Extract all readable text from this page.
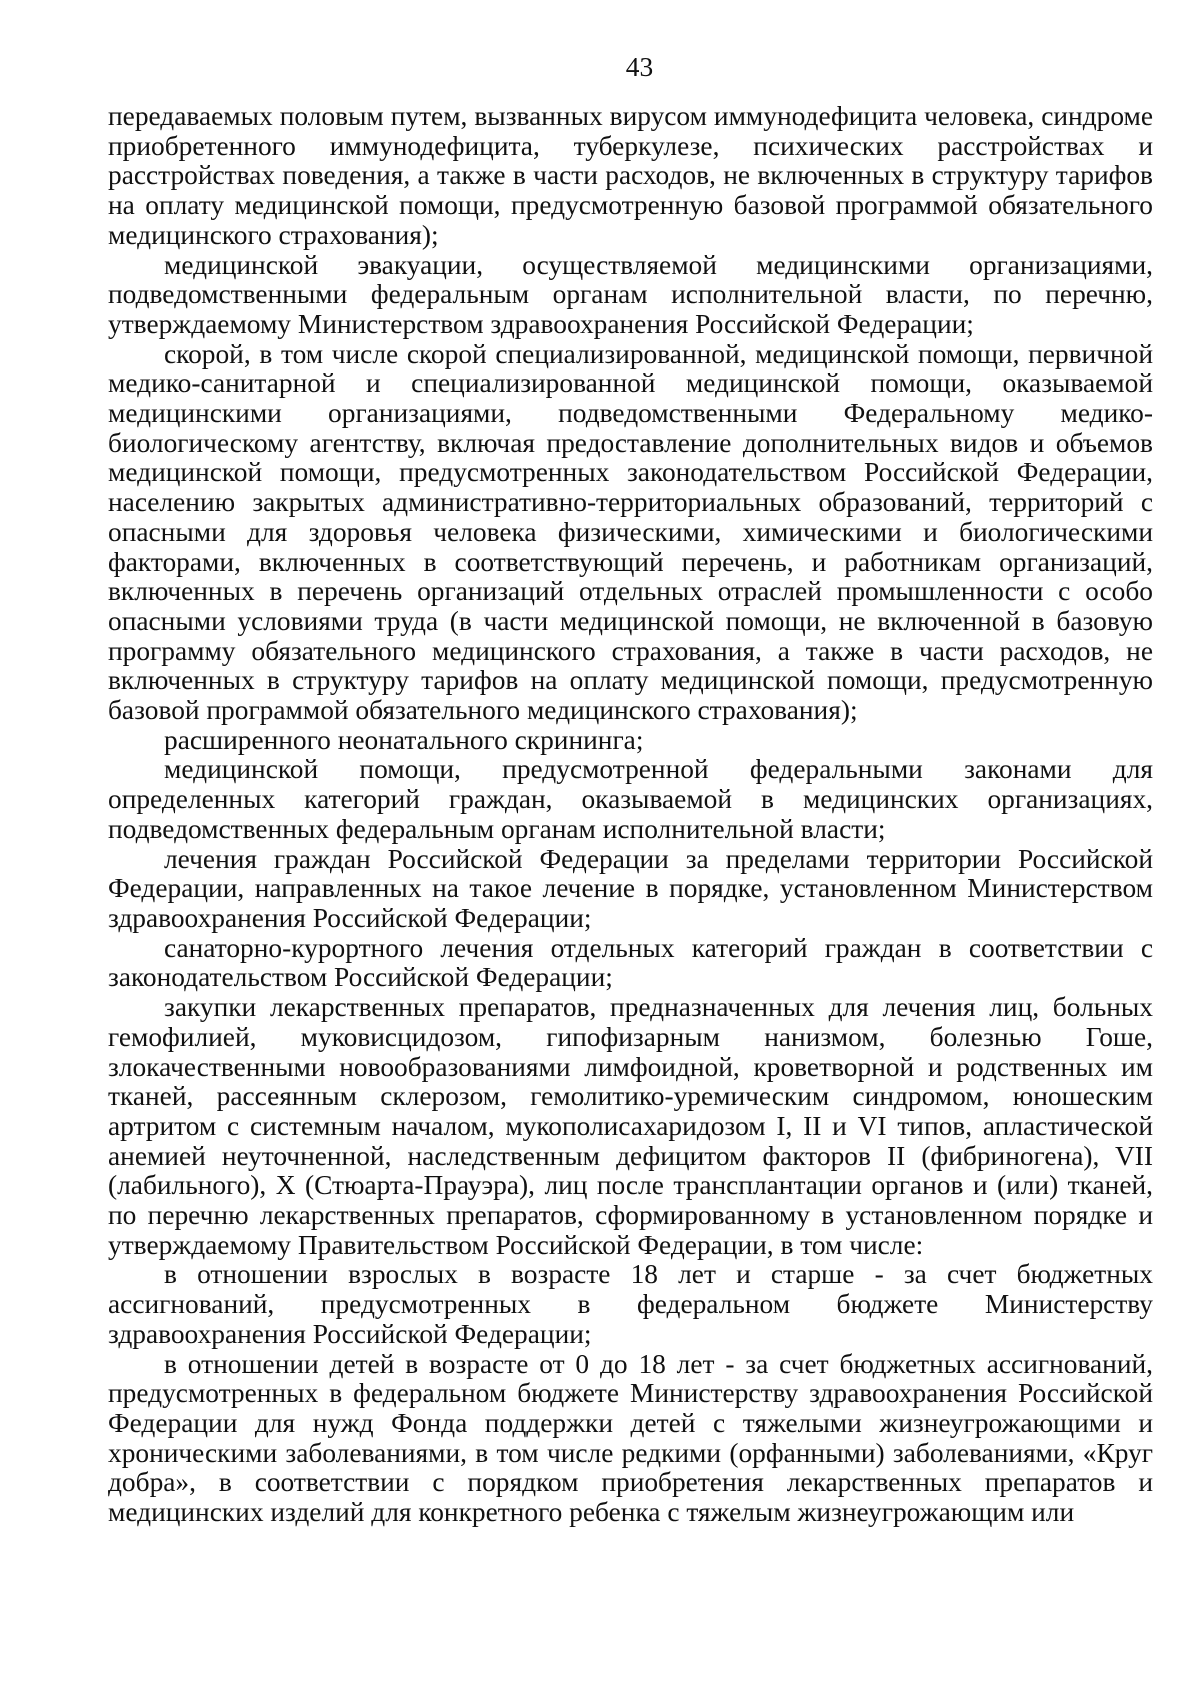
43

передаваемых половым путем, вызванных вирусом иммунодефицита человека, синдроме приобретенного иммунодефицита, туберкулезе, психических расстройствах и расстройствах поведения, а также в части расходов, не включенных в структуру тарифов на оплату медицинской помощи, предусмотренную базовой программой обязательного медицинского страхования);

медицинской эвакуации, осуществляемой медицинскими организациями, подведомственными федеральным органам исполнительной власти, по перечню, утверждаемому Министерством здравоохранения Российской Федерации;

скорой, в том числе скорой специализированной, медицинской помощи, первичной медико-санитарной и специализированной медицинской помощи, оказываемой медицинскими организациями, подведомственными Федеральному медико-биологическому агентству, включая предоставление дополнительных видов и объемов медицинской помощи, предусмотренных законодательством Российской Федерации, населению закрытых административно-территориальных образований, территорий с опасными для здоровья человека физическими, химическими и биологическими факторами, включенных в соответствующий перечень, и работникам организаций, включенных в перечень организаций отдельных отраслей промышленности с особо опасными условиями труда (в части медицинской помощи, не включенной в базовую программу обязательного медицинского страхования, а также в части расходов, не включенных в структуру тарифов на оплату медицинской помощи, предусмотренную базовой программой обязательного медицинского страхования);

расширенного неонатального скрининга;

медицинской помощи, предусмотренной федеральными законами для определенных категорий граждан, оказываемой в медицинских организациях, подведомственных федеральным органам исполнительной власти;

лечения граждан Российской Федерации за пределами территории Российской Федерации, направленных на такое лечение в порядке, установленном Министерством здравоохранения Российской Федерации;

санаторно-курортного лечения отдельных категорий граждан в соответствии с законодательством Российской Федерации;

закупки лекарственных препаратов, предназначенных для лечения лиц, больных гемофилией, муковисцидозом, гипофизарным нанизмом, болезнью Гоше, злокачественными новообразованиями лимфоидной, кроветворной и родственных им тканей, рассеянным склерозом, гемолитико-уремическим синдромом, юношеским артритом с системным началом, мукополисахаридозом I, II и VI типов, апластической анемией неуточненной, наследственным дефицитом факторов II (фибриногена), VII (лабильного), X (Стюарта-Прауэра), лиц после трансплантации органов и (или) тканей, по перечню лекарственных препаратов, сформированному в установленном порядке и утверждаемому Правительством Российской Федерации, в том числе:

в отношении взрослых в возрасте 18 лет и старше - за счет бюджетных ассигнований, предусмотренных в федеральном бюджете Министерству здравоохранения Российской Федерации;

в отношении детей в возрасте от 0 до 18 лет - за счет бюджетных ассигнований, предусмотренных в федеральном бюджете Министерству здравоохранения Российской Федерации для нужд Фонда поддержки детей с тяжелыми жизнеугрожающими и хроническими заболеваниями, в том числе редкими (орфанными) заболеваниями, «Круг добра», в соответствии с порядком приобретения лекарственных препаратов и медицинских изделий для конкретного ребенка с тяжелым жизнеугрожающим или
